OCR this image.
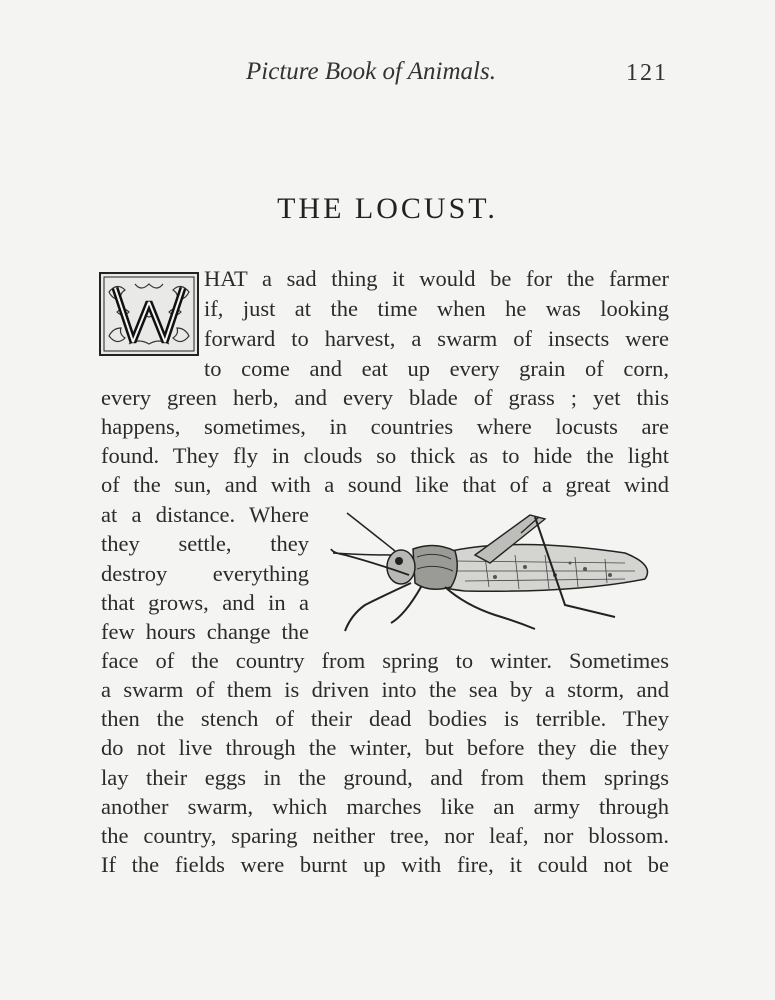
Picture Book of Animals.	121
THE LOCUST.
HAT a sad thing it would be for the farmer
if, just at the time when he was looking
forward to harvest, a swarm of insects were
to come and eat up every grain of corn,
every green herb, and every blade of grass ; yet this
happens, sometimes, in countries where locusts are
found. They fly in clouds so thick as to hide the light
of the sun, and with a sound like that of a great wind
at a distance. Where
they settle, they
destroy everything
that grows, and in a
few hours change the
face of the country from spring to winter. Sometimes
a swarm of them is driven into the sea by a storm, and
then the stench of their dead bodies is terrible. They
do not live through the winter, but before they die they
lay their eggs in the ground, and from them springs
another swarm, which marches like an army through
the country, sparing neither tree, nor leaf, nor blossom.
If the fields were burnt up with fire, it could not be
